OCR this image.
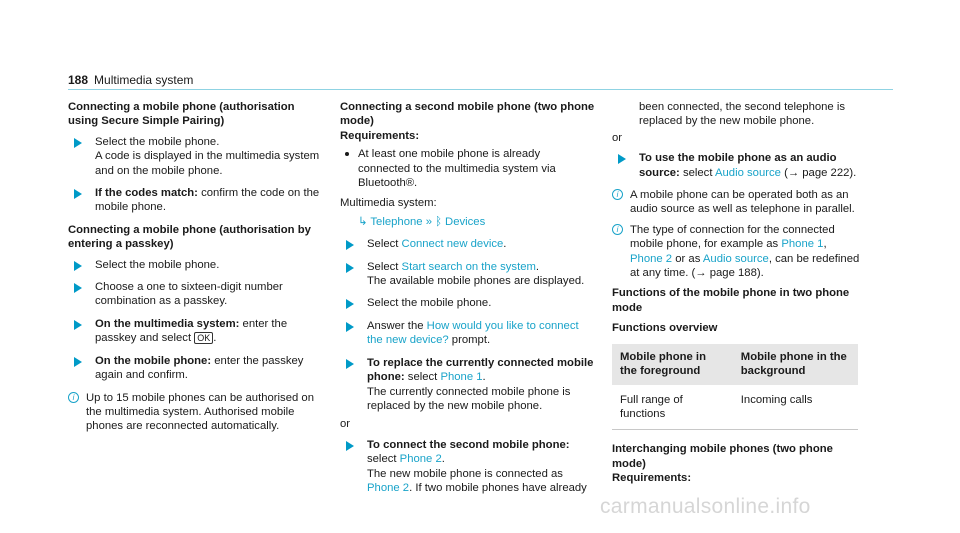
188 Multimedia system
Connecting a mobile phone (authorisation using Secure Simple Pairing)
Select the mobile phone.
A code is displayed in the multimedia system and on the mobile phone.
If the codes match: confirm the code on the mobile phone.
Connecting a mobile phone (authorisation by entering a passkey)
Select the mobile phone.
Choose a one to sixteen-digit number combination as a passkey.
On the multimedia system: enter the passkey and select OK .
On the mobile phone: enter the passkey again and confirm.
i	Up to 15 mobile phones can be authorised on the multimedia system. Authorised mobile phones are reconnected automatically.
Connecting a second mobile phone (two phone mode)
Requirements:
At least one mobile phone is already connected to the multimedia system via Bluetooth®.
Multimedia system:
↳ Telephone » ᛒ Devices
Select Connect new device.
Select Start search on the system.
The available mobile phones are displayed.
Select the mobile phone.
Answer the How would you like to connect the new device? prompt.
To replace the currently connected mobile phone: select Phone 1.
The currently connected mobile phone is replaced by the new mobile phone.
or
To connect the second mobile phone:
select Phone 2.
The new mobile phone is connected as Phone 2. If two mobile phones have already
been connected, the second telephone is replaced by the new mobile phone.
or
To use the mobile phone as an audio source: select Audio source (→ page 222).
i	A mobile phone can be operated both as an audio source as well as telephone in parallel.
i	The type of connection for the connected mobile phone, for example as Phone 1, Phone 2 or as Audio source, can be redefined at any time. (→ page 188).
Functions of the mobile phone in two phone mode
Functions overview
Mobile phone in the foreground	Mobile phone in the background
Full range of functions	Incoming calls
Interchanging mobile phones (two phone mode)
Requirements:
carmanualsonline.info
